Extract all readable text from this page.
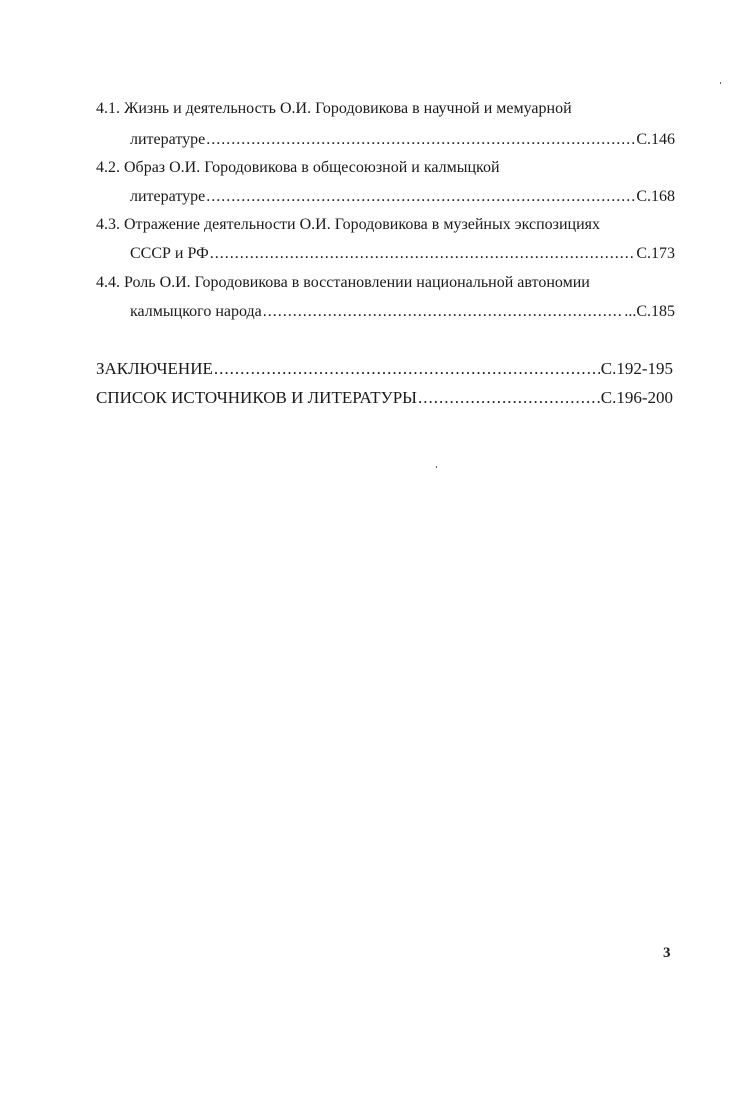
4.1. Жизнь и деятельность О.И. Городовикова в научной и мемуарной
литературе .....	С.146
4.2. Образ О.И. Городовикова в общесоюзной и калмыцкой
литературе .....	С.168
4.3. Отражение деятельности О.И. Городовикова в музейных экспозициях
СССР и РФ .....	С.173
4.4. Роль О.И. Городовикова в восстановлении национальной автономии
калмыцкого народа .....	...С.185
ЗАКЛЮЧЕНИЕ .....	С.192-195
СПИСОК ИСТОЧНИКОВ И ЛИТЕРАТУРЫ .....	С.196-200
3
